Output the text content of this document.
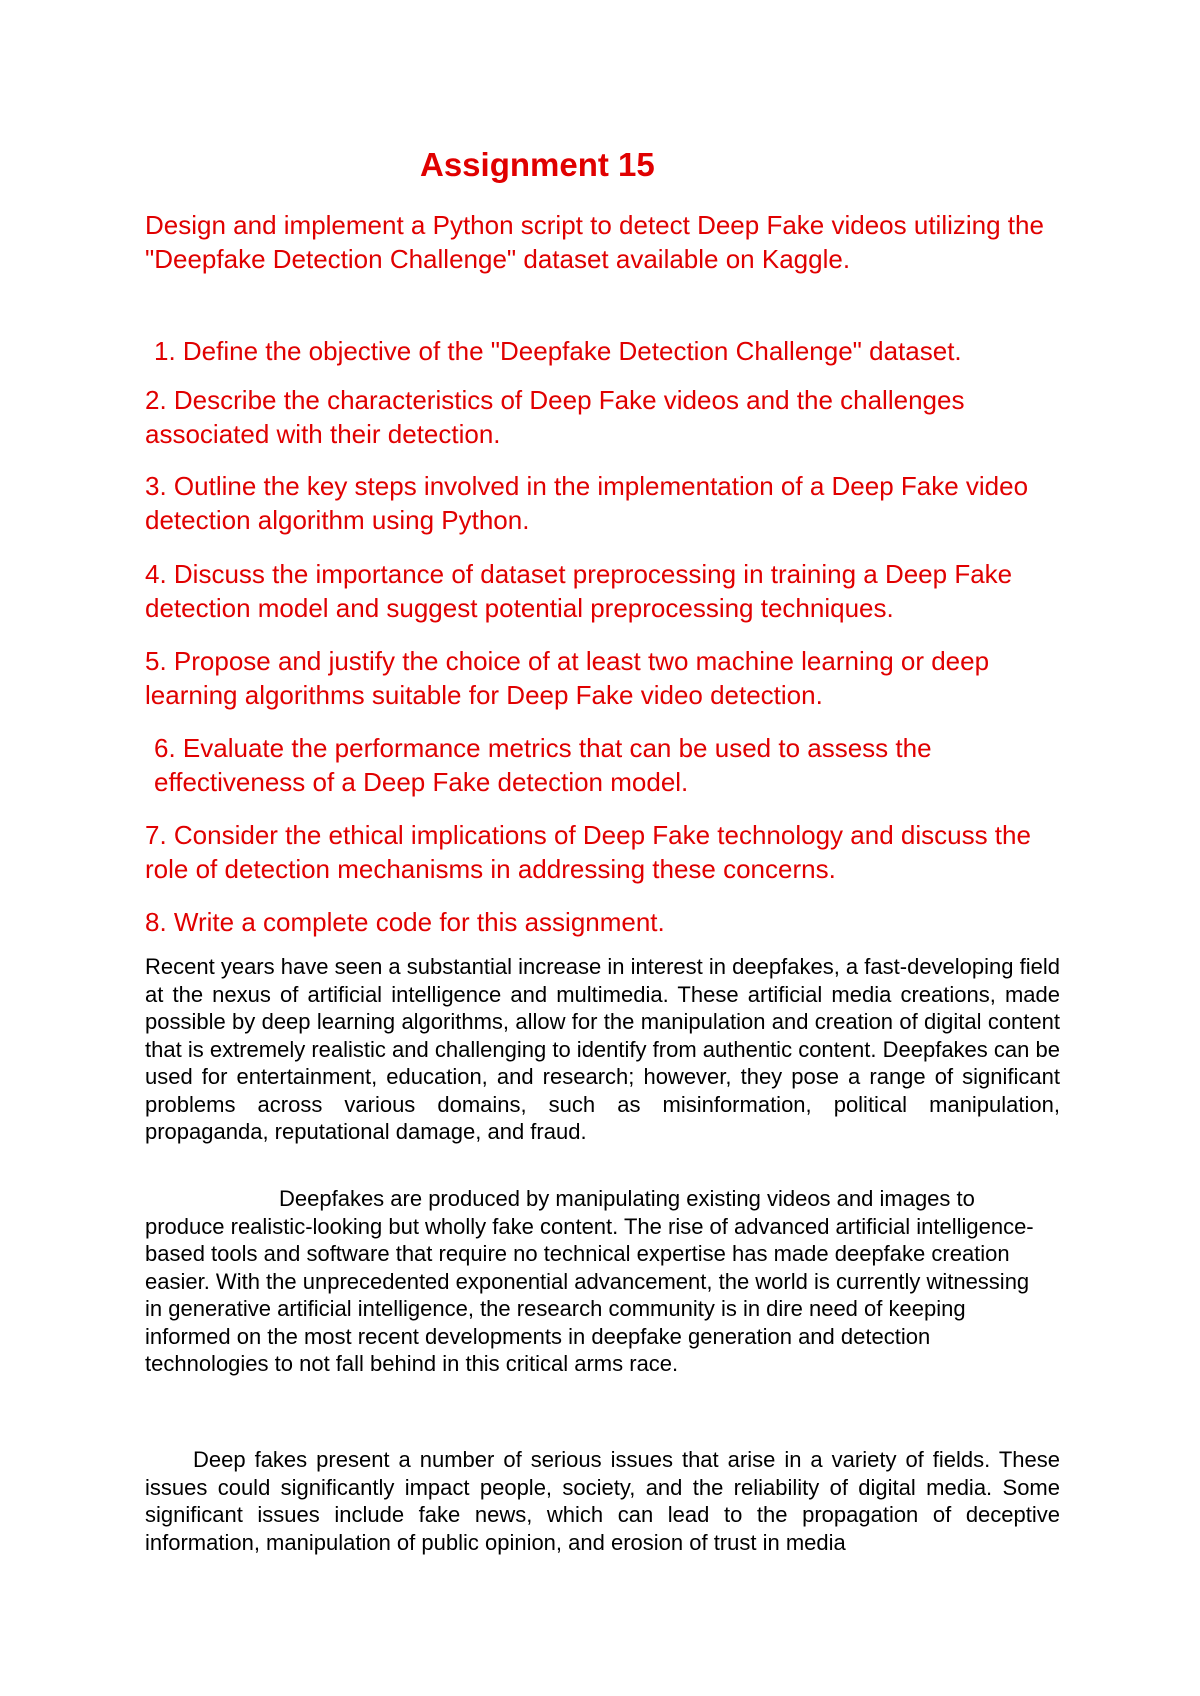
Assignment 15

Design and implement a Python script to detect Deep Fake videos utilizing the "Deepfake Detection Challenge" dataset available on Kaggle.

1. Define the objective of the "Deepfake Detection Challenge" dataset.

2. Describe the characteristics of Deep Fake videos and the challenges associated with their detection.

3. Outline the key steps involved in the implementation of a Deep Fake video detection algorithm using Python.

4. Discuss the importance of dataset preprocessing in training a Deep Fake detection model and suggest potential preprocessing techniques.

5. Propose and justify the choice of at least two machine learning or deep learning algorithms suitable for Deep Fake video detection.

6. Evaluate the performance metrics that can be used to assess the effectiveness of a Deep Fake detection model.

7. Consider the ethical implications of Deep Fake technology and discuss the role of detection mechanisms in addressing these concerns.

8. Write a complete code for this assignment.

Recent years have seen a substantial increase in interest in deepfakes, a fast-developing field at the nexus of artificial intelligence and multimedia. These artificial media creations, made possible by deep learning algorithms, allow for the manipulation and creation of digital content that is extremely realistic and challenging to identify from authentic content. Deepfakes can be used for entertainment, education, and research; however, they pose a range of significant problems across various domains, such as misinformation, political manipulation, propaganda, reputational damage, and fraud.

Deepfakes are produced by manipulating existing videos and images to produce realistic-looking but wholly fake content. The rise of advanced artificial intelligence-based tools and software that require no technical expertise has made deepfake creation easier. With the unprecedented exponential advancement, the world is currently witnessing in generative artificial intelligence, the research community is in dire need of keeping informed on the most recent developments in deepfake generation and detection technologies to not fall behind in this critical arms race.

Deep fakes present a number of serious issues that arise in a variety of fields. These issues could significantly impact people, society, and the reliability of digital media. Some significant issues include fake news, which can lead to the propagation of deceptive information, manipulation of public opinion, and erosion of trust in media
